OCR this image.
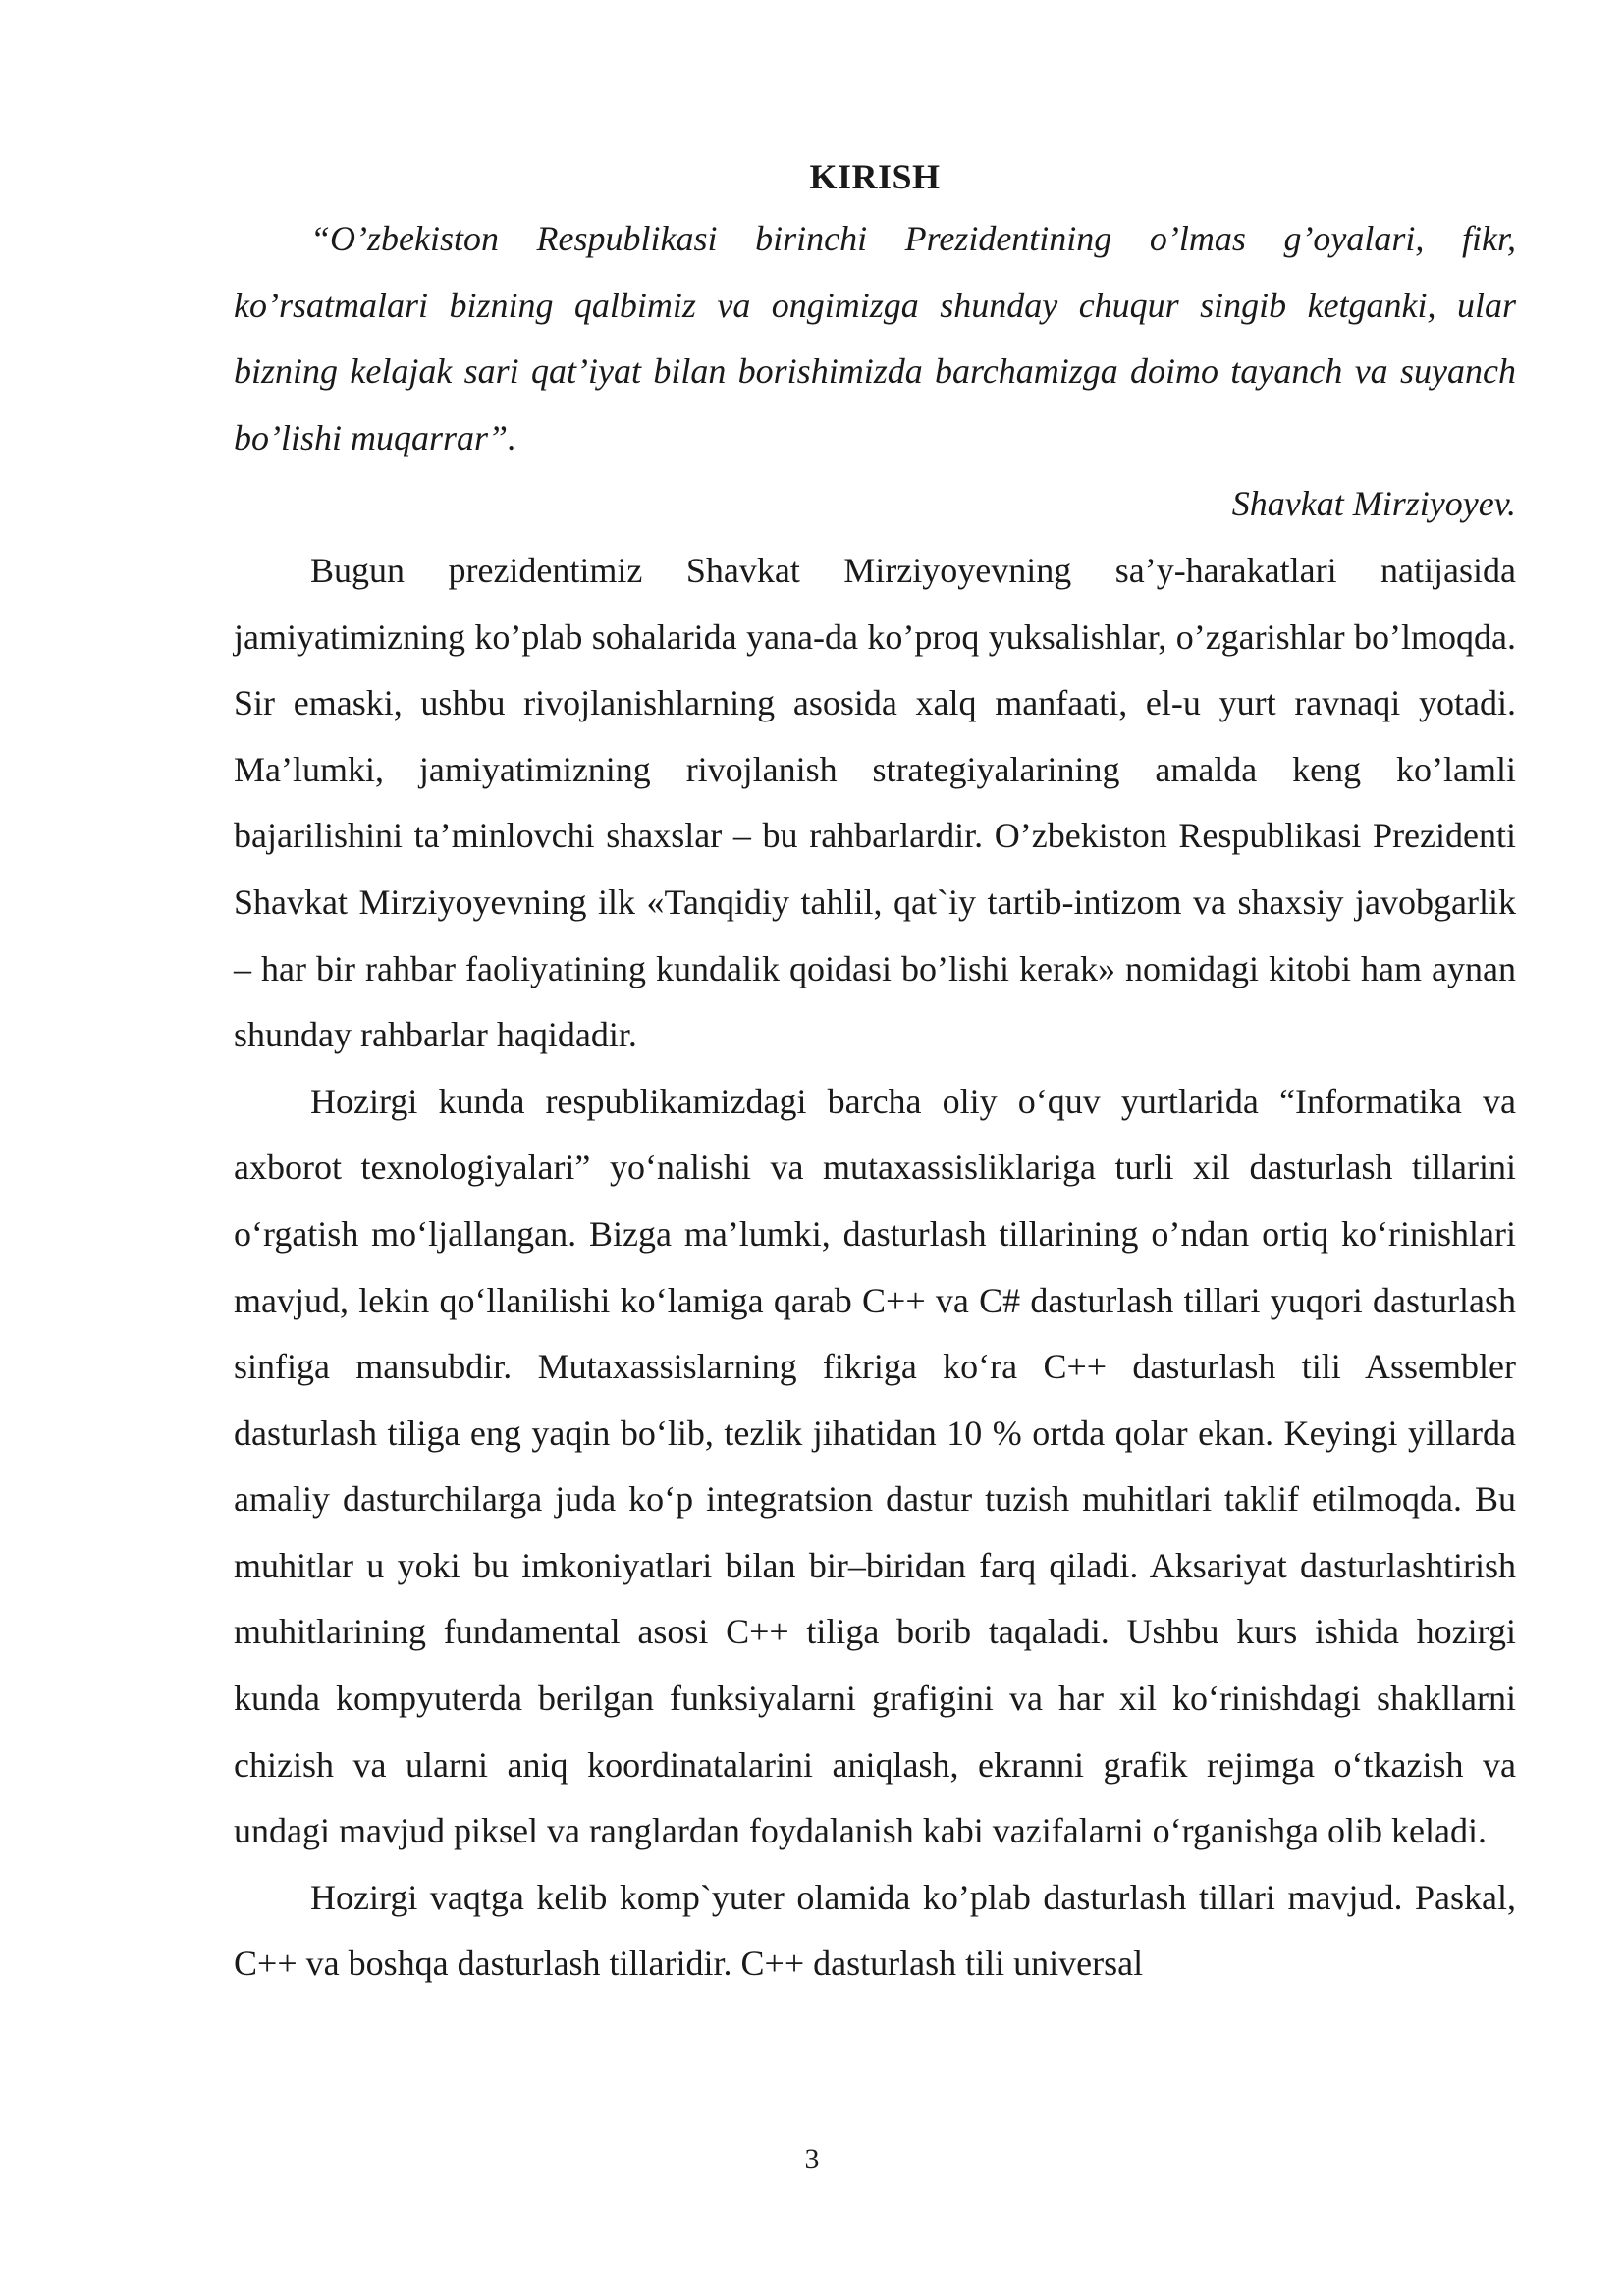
KIRISH

“O’zbekiston Respublikasi birinchi Prezidentining o’lmas g’oyalari, fikr, ko’rsatmalari bizning qalbimiz va ongimizga shunday chuqur singib ketganki, ular bizning kelajak sari qat’iyat bilan borishimizda barchamizga doimo tayanch va suyanch bo’lishi muqarrar”.

Shavkat Mirziyoyev.

Bugun prezidentimiz Shavkat Mirziyoyevning sa’y-harakatlari natijasida jamiyatimizning ko’plab sohalarida yana-da ko’proq yuksalishlar, o’zgarishlar bo’lmoqda. Sir emaski, ushbu rivojlanishlarning asosida xalq manfaati, el-u yurt ravnaqi yotadi. Ma’lumki, jamiyatimizning rivojlanish strategiyalarining amalda keng ko’lamli bajarilishini ta’minlovchi shaxslar – bu rahbarlardir. O’zbekiston Respublikasi Prezidenti Shavkat Mirziyoyevning ilk «Tanqidiy tahlil, qat`iy tartib-intizom va shaxsiy javobgarlik – har bir rahbar faoliyatining kundalik qoidasi bo’lishi kerak» nomidagi kitobi ham aynan shunday rahbarlar haqidadir.

Hozirgi kunda respublikamizdagi barcha oliy o‘quv yurtlarida “Informatika va axborot texnologiyalari” yo‘nalishi va mutaxassisliklariga turli xil dasturlash tillarini o‘rgatish mo‘ljallangan. Bizga ma’lumki, dasturlash tillarining o’ndan ortiq ko‘rinishlari mavjud, lekin qo‘llanilishi ko‘lamiga qarab C++ va C# dasturlash tillari yuqori dasturlash sinfiga mansubdir. Mutaxassislarning fikriga ko‘ra C++ dasturlash tili Assembler dasturlash tiliga eng yaqin bo‘lib, tezlik jihatidan 10 % ortda qolar ekan. Keyingi yillarda amaliy dasturchilarga juda ko‘p integratsion dastur tuzish muhitlari taklif etilmoqda. Bu muhitlar u yoki bu imkoniyatlari bilan bir–biridan farq qiladi. Aksariyat dasturlashtirish muhitlarining fundamental asosi C++ tiliga borib taqaladi. Ushbu kurs ishida hozirgi kunda kompyuterda berilgan funksiyalarni grafigini va har xil ko‘rinishdagi shakllarni chizish va ularni aniq koordinatalarini aniqlash, ekranni grafik rejimga o‘tkazish va undagi mavjud piksel va ranglardan foydalanish kabi vazifalarni o‘rganishga olib keladi.

Hozirgi vaqtga kelib komp`yuter olamida ko’plab dasturlash tillari mavjud. Paskal, C++ va boshqa dasturlash tillaridir. C++ dasturlash tili universal

3
